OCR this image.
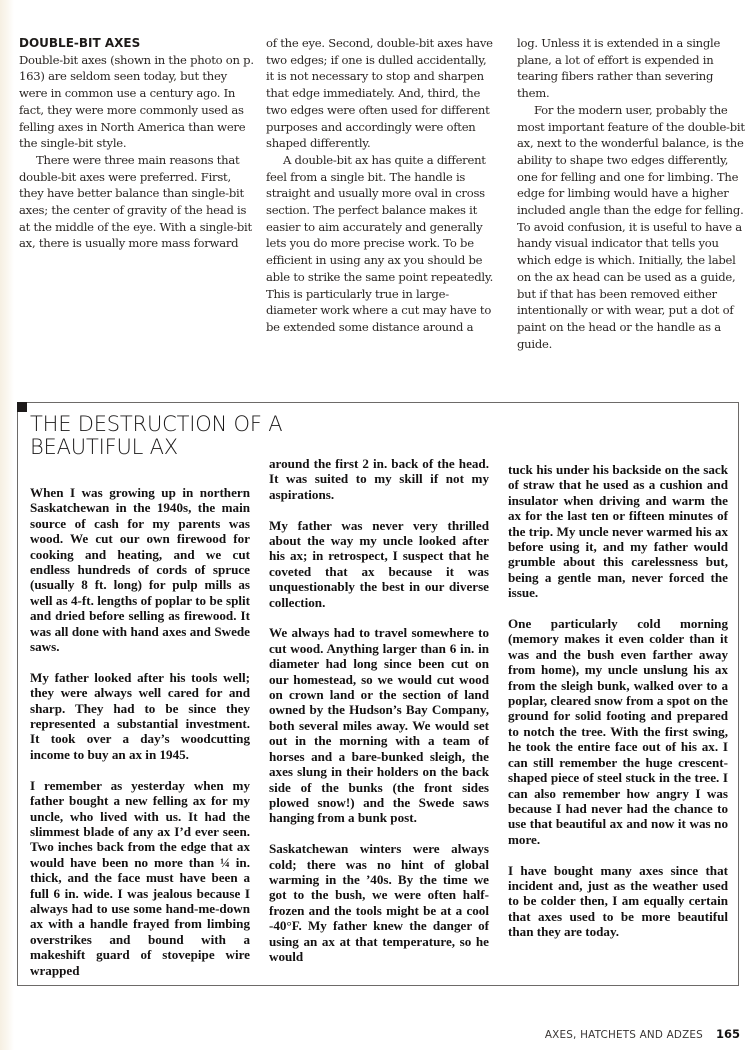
DOUBLE-BIT AXES

Double-bit axes (shown in the photo on p. 163) are seldom seen today, but they were in common use a century ago. In fact, they were more commonly used as felling axes in North America than were the single-bit style.

There were three main reasons that double-bit axes were preferred. First, they have better balance than single-bit axes; the center of gravity of the head is at the middle of the eye. With a single-bit ax, there is usually more mass forward

of the eye. Second, double-bit axes have two edges; if one is dulled accidentally, it is not necessary to stop and sharpen that edge immediately. And, third, the two edges were often used for different purposes and accordingly were often shaped differently.

A double-bit ax has quite a different feel from a single bit. The handle is straight and usually more oval in cross section. The perfect balance makes it easier to aim accurately and generally lets you do more precise work. To be efficient in using any ax you should be able to strike the same point repeatedly. This is particularly true in large-diameter work where a cut may have to be extended some distance around a

log. Unless it is extended in a single plane, a lot of effort is expended in tearing fibers rather than severing them.

For the modern user, probably the most important feature of the double-bit ax, next to the wonderful balance, is the ability to shape two edges differently, one for felling and one for limbing. The edge for limbing would have a higher included angle than the edge for felling. To avoid confusion, it is useful to have a handy visual indicator that tells you which edge is which. Initially, the label on the ax head can be used as a guide, but if that has been removed either intentionally or with wear, put a dot of paint on the head or the handle as a guide.

THE DESTRUCTION OF A
BEAUTIFUL AX

When I was growing up in northern Saskatchewan in the 1940s, the main source of cash for my parents was wood. We cut our own firewood for cooking and heating, and we cut endless hundreds of cords of spruce (usually 8 ft. long) for pulp mills as well as 4-ft. lengths of poplar to be split and dried before selling as firewood. It was all done with hand axes and Swede saws.

My father looked after his tools well; they were always well cared for and sharp. They had to be since they represented a substantial investment. It took over a day’s woodcutting income to buy an ax in 1945.

I remember as yesterday when my father bought a new felling ax for my uncle, who lived with us. It had the slimmest blade of any ax I’d ever seen. Two inches back from the edge that ax would have been no more than ¼ in. thick, and the face must have been a full 6 in. wide. I was jealous because I always had to use some hand-me-down ax with a handle frayed from limbing overstrikes and bound with a makeshift guard of stovepipe wire wrapped

around the first 2 in. back of the head. It was suited to my skill if not my aspirations.

My father was never very thrilled about the way my uncle looked after his ax; in retrospect, I suspect that he coveted that ax because it was unquestionably the best in our diverse collection.

We always had to travel somewhere to cut wood. Anything larger than 6 in. in diameter had long since been cut on our homestead, so we would cut wood on crown land or the section of land owned by the Hudson’s Bay Company, both several miles away. We would set out in the morning with a team of horses and a bare-bunked sleigh, the axes slung in their holders on the back side of the bunks (the front sides plowed snow!) and the Swede saws hanging from a bunk post.

Saskatchewan winters were always cold; there was no hint of global warming in the ’40s. By the time we got to the bush, we were often half-frozen and the tools might be at a cool -40°F. My father knew the danger of using an ax at that temperature, so he would

tuck his under his backside on the sack of straw that he used as a cushion and insulator when driving and warm the ax for the last ten or fifteen minutes of the trip. My uncle never warmed his ax before using it, and my father would grumble about this carelessness but, being a gentle man, never forced the issue.

One particularly cold morning (memory makes it even colder than it was and the bush even farther away from home), my uncle unslung his ax from the sleigh bunk, walked over to a poplar, cleared snow from a spot on the ground for solid footing and prepared to notch the tree. With the first swing, he took the entire face out of his ax. I can still remember the huge crescent-shaped piece of steel stuck in the tree. I can also remember how angry I was because I had never had the chance to use that beautiful ax and now it was no more.

I have bought many axes since that incident and, just as the weather used to be colder then, I am equally certain that axes used to be more beautiful than they are today.

AXES, HATCHETS AND ADZES 165
